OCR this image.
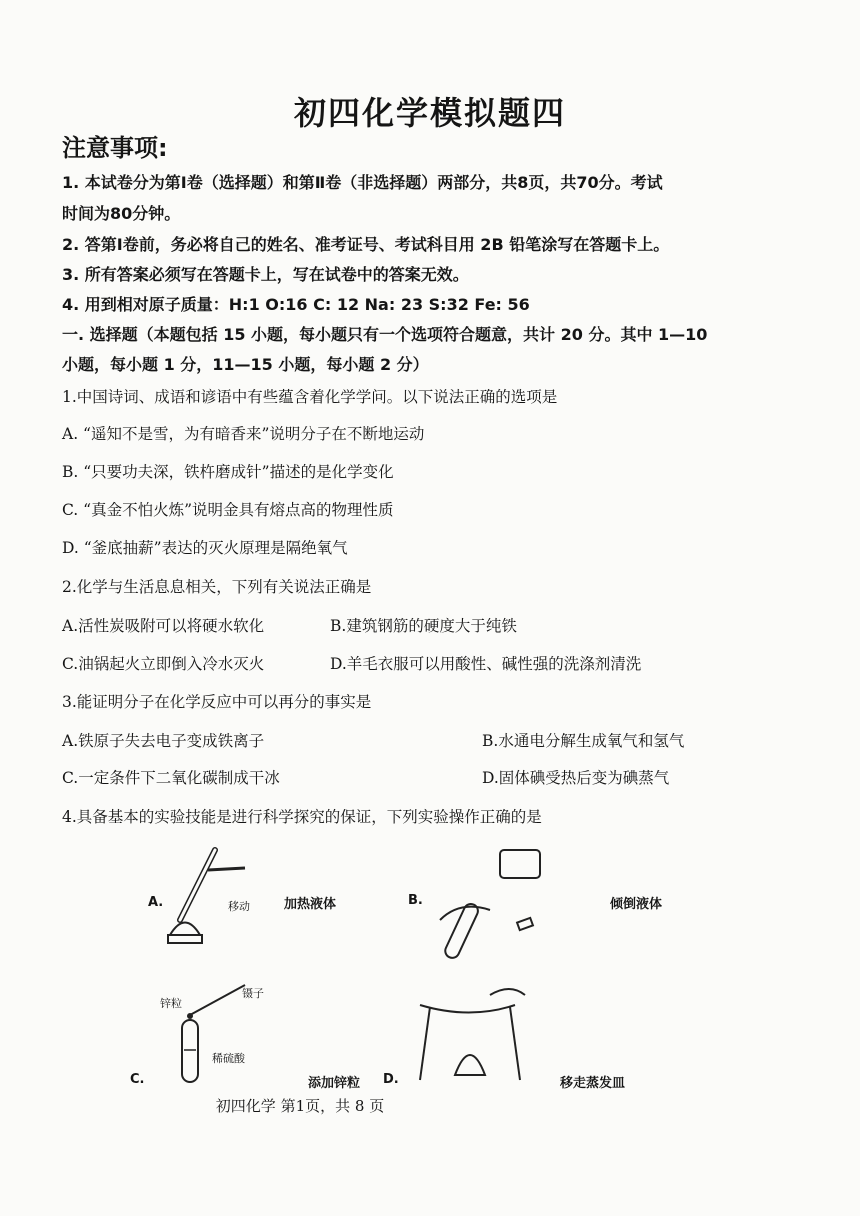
初四化学模拟题四
注意事项:
1. 本试卷分为第Ⅰ卷（选择题）和第Ⅱ卷（非选择题）两部分，共8页，共70分。考试
时间为80分钟。
2. 答第Ⅰ卷前，务必将自己的姓名、准考证号、考试科目用 2B 铅笔涂写在答题卡上。
3. 所有答案必须写在答题卡上，写在试卷中的答案无效。
4. 用到相对原子质量：H:1 O:16 C: 12 Na: 23 S:32 Fe: 56
一. 选择题（本题包括 15 小题，每小题只有一个选项符合题意，共计 20 分。其中 1—10
小题，每小题 1 分，11—15 小题，每小题 2 分）
1.中国诗词、成语和谚语中有些蕴含着化学学问。以下说法正确的选项是
A. “遥知不是雪，为有暗香来”说明分子在不断地运动
B. “只要功夫深，铁杵磨成针”描述的是化学变化
C. “真金不怕火炼”说明金具有熔点高的物理性质
D. “釜底抽薪”表达的灭火原理是隔绝氧气
2.化学与生活息息相关，下列有关说法正确是
A.活性炭吸附可以将硬水软化	B.建筑钢筋的硬度大于纯铁
C.油锅起火立即倒入冷水灭火	D.羊毛衣服可以用酸性、碱性强的洗涤剂清洗
3.能证明分子在化学反应中可以再分的事实是
A.铁原子失去电子变成铁离子	B.水通电分解生成氧气和氢气
C.一定条件下二氧化碳制成干冰	D.固体碘受热后变为碘蒸气
4.具备基本的实验技能是进行科学探究的保证，下列实验操作正确的是
A.	加热液体
移动	B.	倾倒液体
C.	添加锌粒
锌粒
镊子
稀硫酸
D.	移走蒸发皿
初四化学 第1页，共 8 页
